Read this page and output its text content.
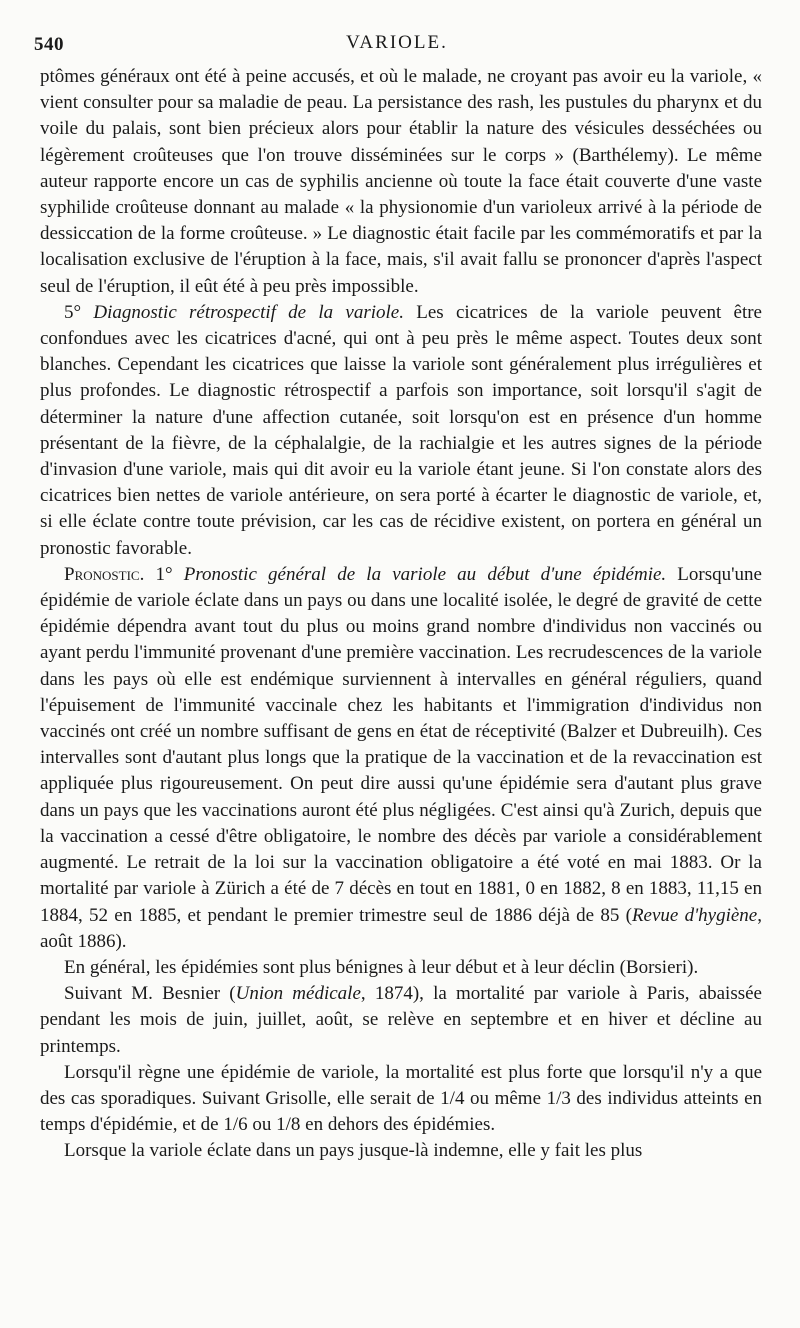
540	VARIOLE.

ptômes généraux ont été à peine accusés, et où le malade, ne croyant pas avoir eu la variole, « vient consulter pour sa maladie de peau. La persistance des rash, les pustules du pharynx et du voile du palais, sont bien précieux alors pour établir la nature des vésicules desséchées ou légèrement croûteuses que l'on trouve disséminées sur le corps » (Barthélemy). Le même auteur rapporte encore un cas de syphilis ancienne où toute la face était couverte d'une vaste syphilide croûteuse donnant au malade « la physionomie d'un varioleux arrivé à la période de dessiccation de la forme croûteuse. » Le diagnostic était facile par les commémoratifs et par la localisation exclusive de l'éruption à la face, mais, s'il avait fallu se prononcer d'après l'aspect seul de l'éruption, il eût été à peu près impossible.

5° Diagnostic rétrospectif de la variole. Les cicatrices de la variole peuvent être confondues avec les cicatrices d'acné, qui ont à peu près le même aspect. Toutes deux sont blanches. Cependant les cicatrices que laisse la variole sont généralement plus irrégulières et plus profondes. Le diagnostic rétrospectif a parfois son importance, soit lorsqu'il s'agit de déterminer la nature d'une affection cutanée, soit lorsqu'on est en présence d'un homme présentant de la fièvre, de la céphalalgie, de la rachialgie et les autres signes de la période d'invasion d'une variole, mais qui dit avoir eu la variole étant jeune. Si l'on constate alors des cicatrices bien nettes de variole antérieure, on sera porté à écarter le diagnostic de variole, et, si elle éclate contre toute prévision, car les cas de récidive existent, on portera en général un pronostic favorable.

Pronostic. 1° Pronostic général de la variole au début d'une épidémie. Lorsqu'une épidémie de variole éclate dans un pays ou dans une localité isolée, le degré de gravité de cette épidémie dépendra avant tout du plus ou moins grand nombre d'individus non vaccinés ou ayant perdu l'immunité provenant d'une première vaccination. Les recrudescences de la variole dans les pays où elle est endémique surviennent à intervalles en général réguliers, quand l'épuisement de l'immunité vaccinale chez les habitants et l'immigration d'individus non vaccinés ont créé un nombre suffisant de gens en état de réceptivité (Balzer et Dubreuilh). Ces intervalles sont d'autant plus longs que la pratique de la vaccination et de la revaccination est appliquée plus rigoureusement. On peut dire aussi qu'une épidémie sera d'autant plus grave dans un pays que les vaccinations auront été plus négligées. C'est ainsi qu'à Zurich, depuis que la vaccination a cessé d'être obligatoire, le nombre des décès par variole a considérablement augmenté. Le retrait de la loi sur la vaccination obligatoire a été voté en mai 1883. Or la mortalité par variole à Zürich a été de 7 décès en tout en 1881, 0 en 1882, 8 en 1883, 11,15 en 1884, 52 en 1885, et pendant le premier trimestre seul de 1886 déjà de 85 (Revue d'hygiène, août 1886).

En général, les épidémies sont plus bénignes à leur début et à leur déclin (Borsieri).

Suivant M. Besnier (Union médicale, 1874), la mortalité par variole à Paris, abaissée pendant les mois de juin, juillet, août, se relève en septembre et en hiver et décline au printemps.

Lorsqu'il règne une épidémie de variole, la mortalité est plus forte que lorsqu'il n'y a que des cas sporadiques. Suivant Grisolle, elle serait de 1/4 ou même 1/3 des individus atteints en temps d'épidémie, et de 1/6 ou 1/8 en dehors des épidémies.

Lorsque la variole éclate dans un pays jusque-là indemne, elle y fait les plus
